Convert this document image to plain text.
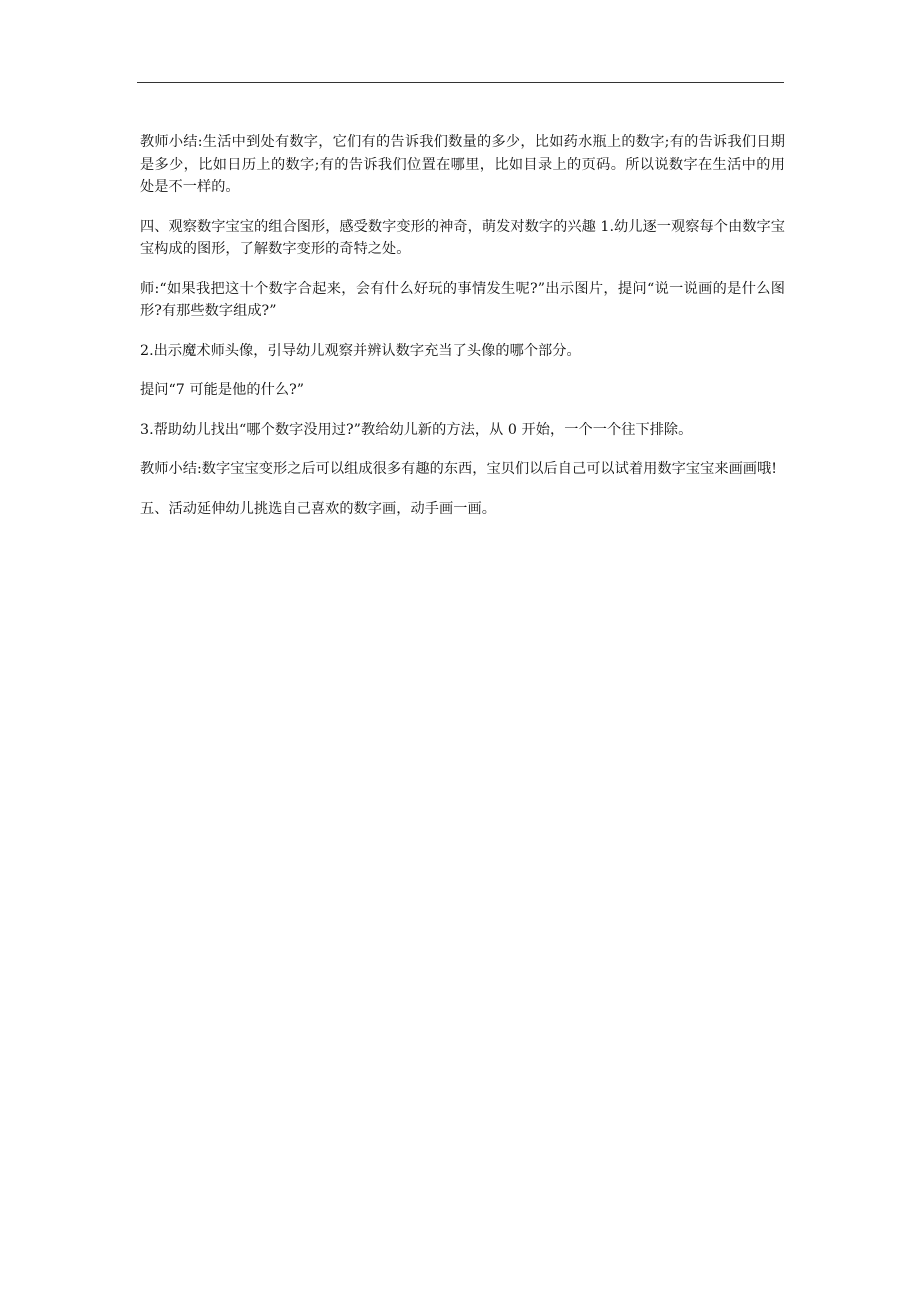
教师小结:生活中到处有数字，它们有的告诉我们数量的多少，比如药水瓶上的数字;有的告诉我们日期是多少，比如日历上的数字;有的告诉我们位置在哪里，比如目录上的页码。所以说数字在生活中的用处是不一样的。

四、观察数字宝宝的组合图形，感受数字变形的神奇，萌发对数字的兴趣 1.幼儿逐一观察每个由数字宝宝构成的图形，了解数字变形的奇特之处。

师:“如果我把这十个数字合起来，会有什么好玩的事情发生呢?”出示图片，提问“说一说画的是什么图形?有那些数字组成?”

2.出示魔术师头像，引导幼儿观察并辨认数字充当了头像的哪个部分。

提问“7 可能是他的什么?”

3.帮助幼儿找出“哪个数字没用过?”教给幼儿新的方法，从 0 开始，一个一个往下排除。

教师小结:数字宝宝变形之后可以组成很多有趣的东西，宝贝们以后自己可以试着用数字宝宝来画画哦!

五、活动延伸幼儿挑选自己喜欢的数字画，动手画一画。
